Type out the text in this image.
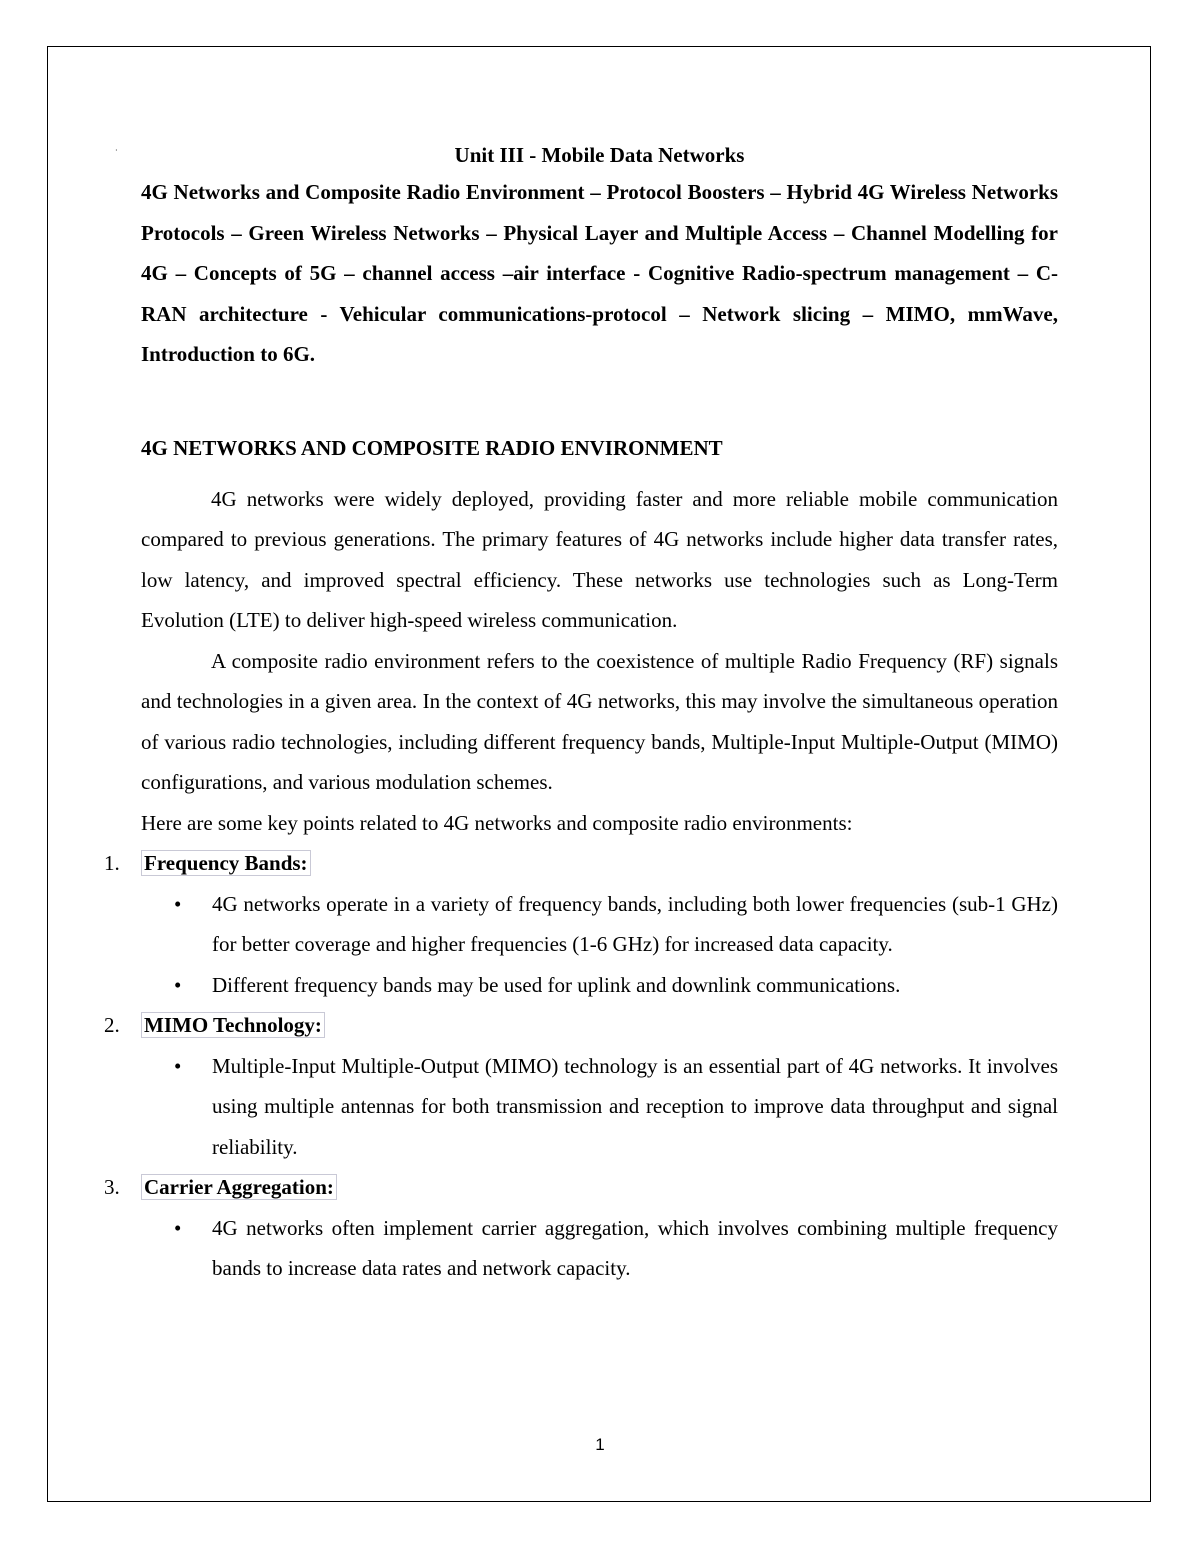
·	Unit III - Mobile Data Networks

4G Networks and Composite Radio Environment – Protocol Boosters – Hybrid 4G Wireless Networks Protocols – Green Wireless Networks – Physical Layer and Multiple Access – Channel Modelling for 4G – Concepts of 5G – channel access –air interface - Cognitive Radio-spectrum management – C-RAN architecture - Vehicular communications-protocol – Network slicing – MIMO, mmWave, Introduction to 6G.

4G NETWORKS AND COMPOSITE RADIO ENVIRONMENT

4G networks were widely deployed, providing faster and more reliable mobile communication compared to previous generations. The primary features of 4G networks include higher data transfer rates, low latency, and improved spectral efficiency. These networks use technologies such as Long-Term Evolution (LTE) to deliver high-speed wireless communication.

A composite radio environment refers to the coexistence of multiple Radio Frequency (RF) signals and technologies in a given area. In the context of 4G networks, this may involve the simultaneous operation of various radio technologies, including different frequency bands, Multiple-Input Multiple-Output (MIMO) configurations, and various modulation schemes.

Here are some key points related to 4G networks and composite radio environments:

1. Frequency Bands:
• 4G networks operate in a variety of frequency bands, including both lower frequencies (sub-1 GHz) for better coverage and higher frequencies (1-6 GHz) for increased data capacity.
• Different frequency bands may be used for uplink and downlink communications.
2. MIMO Technology:
• Multiple-Input Multiple-Output (MIMO) technology is an essential part of 4G networks. It involves using multiple antennas for both transmission and reception to improve data throughput and signal reliability.
3. Carrier Aggregation:
• 4G networks often implement carrier aggregation, which involves combining multiple frequency bands to increase data rates and network capacity.
1
